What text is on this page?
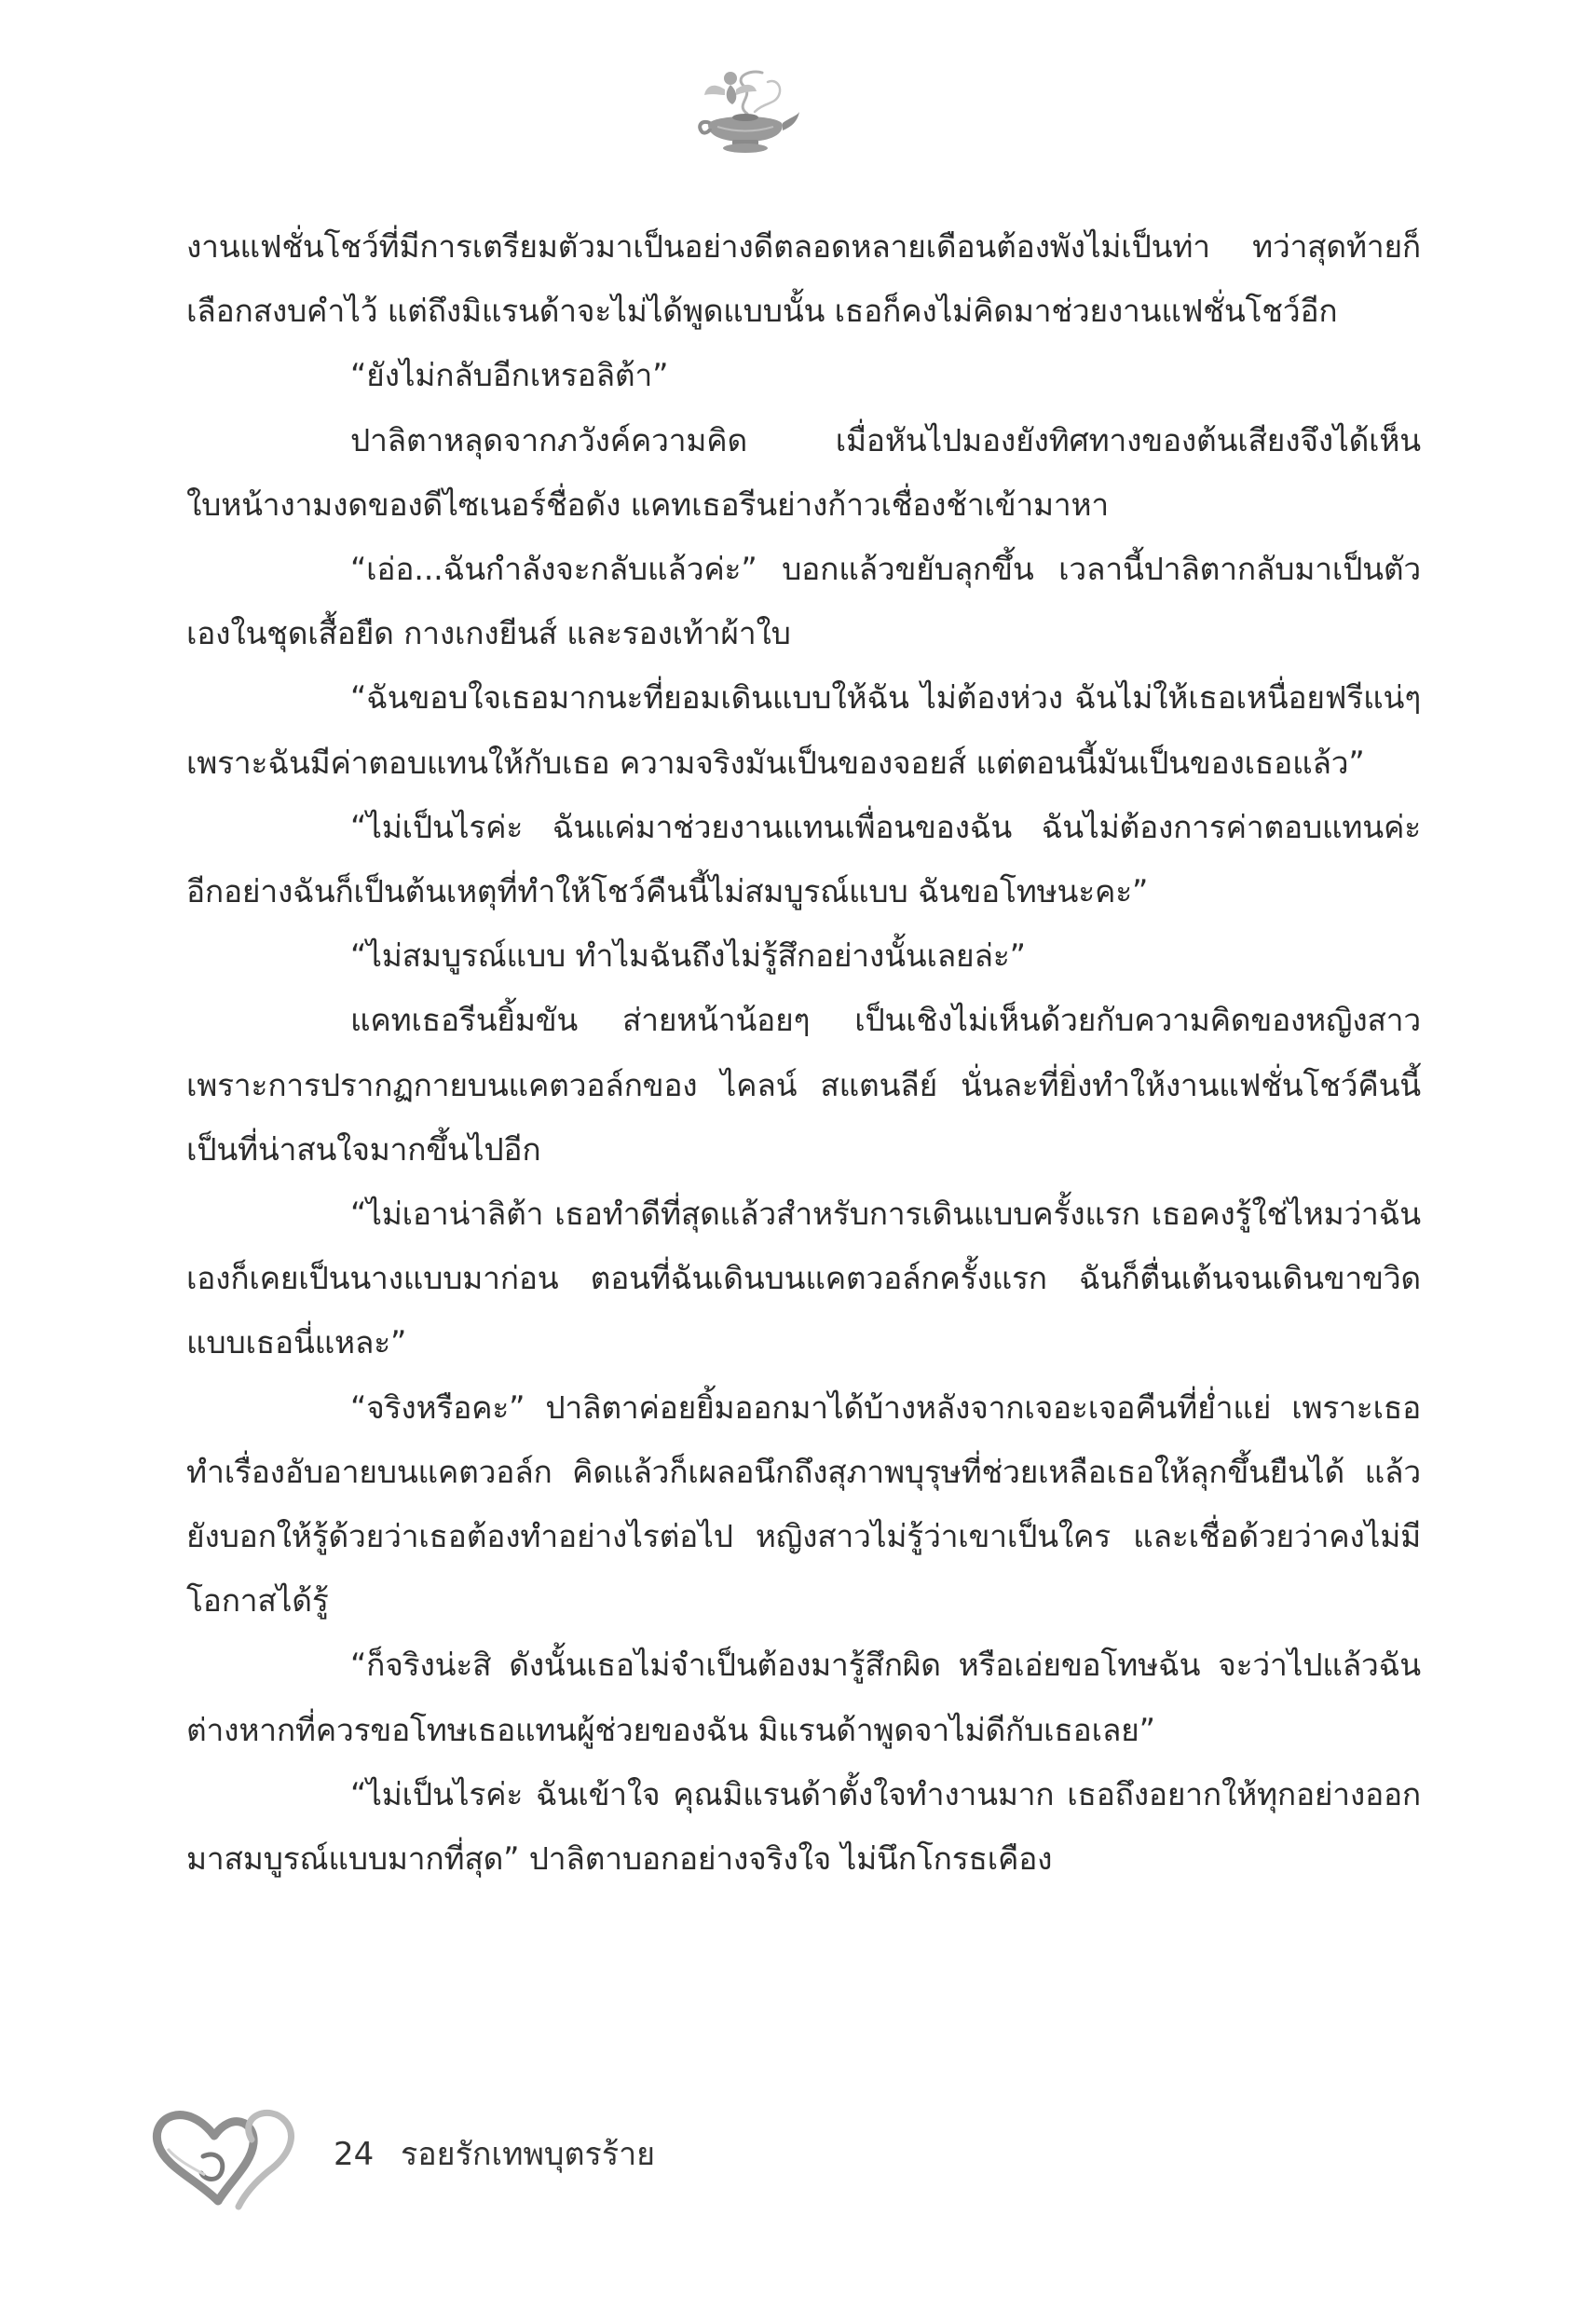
งานแฟชั่นโชว์ที่มีการเตรียมตัวมาเป็นอย่างดีตลอดหลายเดือนต้องพังไม่เป็นท่า ทว่าสุดท้ายก็เลือกสงบคำไว้ แต่ถึงมิแรนด้าจะไม่ได้พูดแบบนั้น เธอก็คงไม่คิดมาช่วยงานแฟชั่นโชว์อีก

“ยังไม่กลับอีกเหรอลิต้า”

ปาลิตาหลุดจากภวังค์ความคิด เมื่อหันไปมองยังทิศทางของต้นเสียงจึงได้เห็นใบหน้างามงดของดีไซเนอร์ชื่อดัง แคทเธอรีนย่างก้าวเชื่องช้าเข้ามาหา

“เอ่อ...ฉันกำลังจะกลับแล้วค่ะ” บอกแล้วขยับลุกขึ้น เวลานี้ปาลิตากลับมาเป็นตัวเองในชุดเสื้อยืด กางเกงยีนส์ และรองเท้าผ้าใบ

“ฉันขอบใจเธอมากนะที่ยอมเดินแบบให้ฉัน ไม่ต้องห่วง ฉันไม่ให้เธอเหนื่อยฟรีแน่ๆ เพราะฉันมีค่าตอบแทนให้กับเธอ ความจริงมันเป็นของจอยส์ แต่ตอนนี้มันเป็นของเธอแล้ว”

“ไม่เป็นไรค่ะ ฉันแค่มาช่วยงานแทนเพื่อนของฉัน ฉันไม่ต้องการค่าตอบแทนค่ะ อีกอย่างฉันก็เป็นต้นเหตุที่ทำให้โชว์คืนนี้ไม่สมบูรณ์แบบ ฉันขอโทษนะคะ”

“ไม่สมบูรณ์แบบ ทำไมฉันถึงไม่รู้สึกอย่างนั้นเลยล่ะ”

แคทเธอรีนยิ้มขัน ส่ายหน้าน้อยๆ เป็นเชิงไม่เห็นด้วยกับความคิดของหญิงสาว เพราะการปรากฏกายบนแคตวอล์กของ ไคลน์ สแตนลีย์ นั่นละที่ยิ่งทำให้งานแฟชั่นโชว์คืนนี้เป็นที่น่าสนใจมากขึ้นไปอีก

“ไม่เอาน่าลิต้า เธอทำดีที่สุดแล้วสำหรับการเดินแบบครั้งแรก เธอคงรู้ใช่ไหมว่าฉันเองก็เคยเป็นนางแบบมาก่อน ตอนที่ฉันเดินบนแคตวอล์กครั้งแรก ฉันก็ตื่นเต้นจนเดินขาขวิดแบบเธอนี่แหละ”

“จริงหรือคะ” ปาลิตาค่อยยิ้มออกมาได้บ้างหลังจากเจอะเจอคืนที่ย่ำแย่ เพราะเธอทำเรื่องอับอายบนแคตวอล์ก คิดแล้วก็เผลอนึกถึงสุภาพบุรุษที่ช่วยเหลือเธอให้ลุกขึ้นยืนได้ แล้วยังบอกให้รู้ด้วยว่าเธอต้องทำอย่างไรต่อไป หญิงสาวไม่รู้ว่าเขาเป็นใคร และเชื่อด้วยว่าคงไม่มีโอกาสได้รู้

“ก็จริงน่ะสิ ดังนั้นเธอไม่จำเป็นต้องมารู้สึกผิด หรือเอ่ยขอโทษฉัน จะว่าไปแล้วฉันต่างหากที่ควรขอโทษเธอแทนผู้ช่วยของฉัน มิแรนด้าพูดจาไม่ดีกับเธอเลย”

“ไม่เป็นไรค่ะ ฉันเข้าใจ คุณมิแรนด้าตั้งใจทำงานมาก เธอถึงอยากให้ทุกอย่างออกมาสมบูรณ์แบบมากที่สุด” ปาลิตาบอกอย่างจริงใจ ไม่นึกโกรธเคือง

24 รอยรักเทพบุตรร้าย
